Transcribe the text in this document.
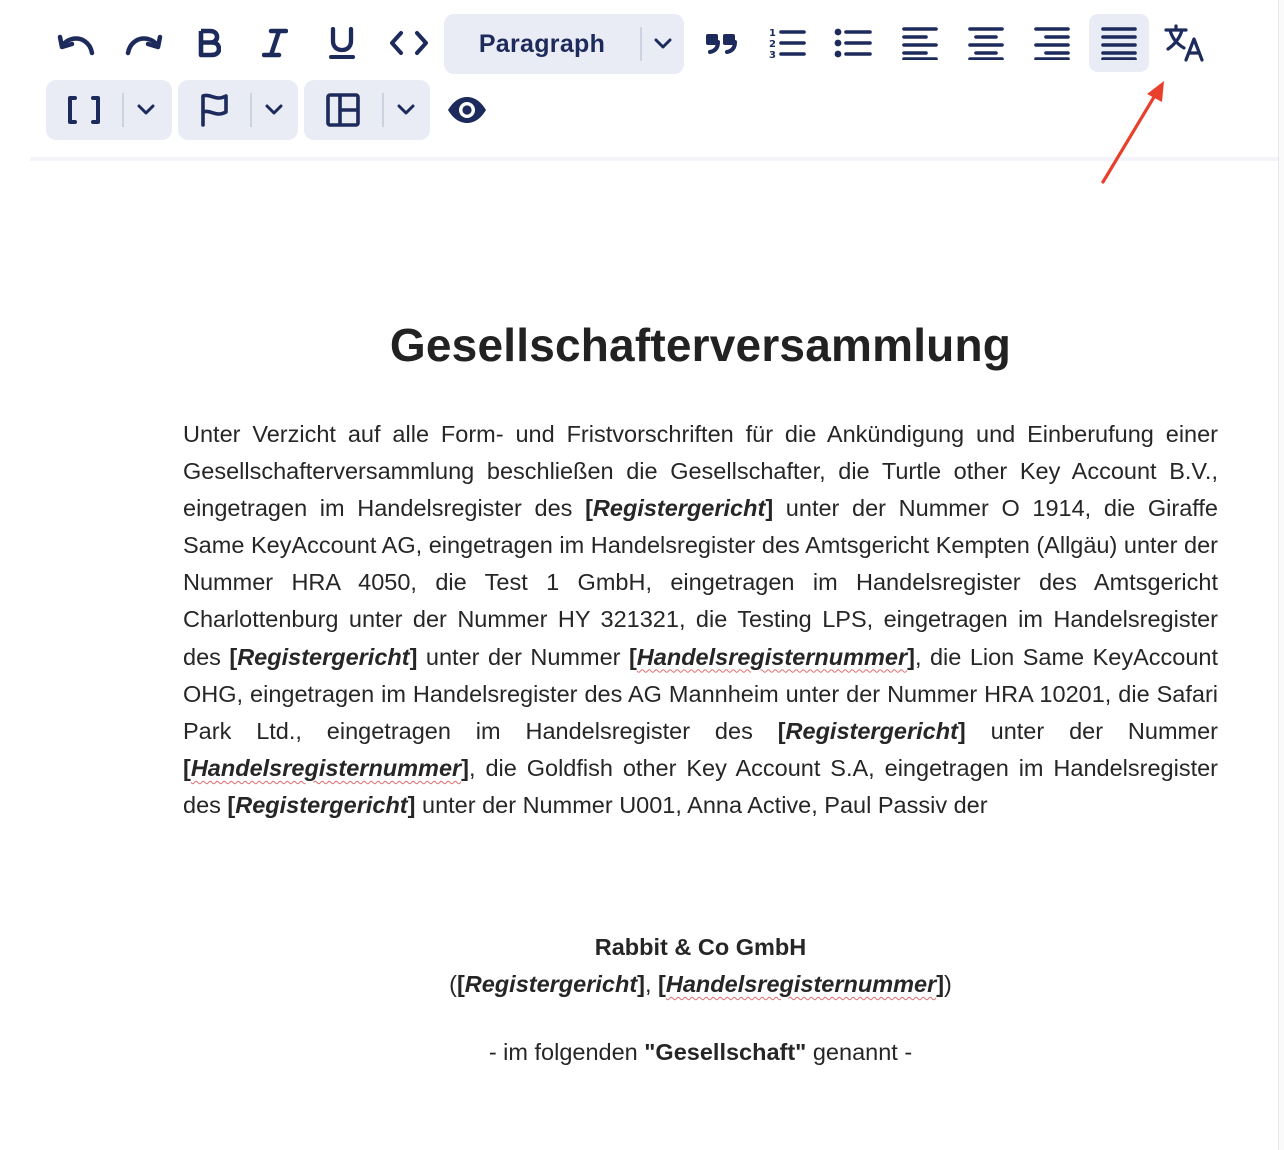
Paragraph	1
2
3
Gesellschafterversammlung
Unter Verzicht auf alle Form- und Fristvorschriften für die Ankündigung und Einberufung einer Gesellschafterversammlung beschließen die Gesellschafter, die Turtle other Key Account B.V., eingetragen im Handelsregister des [Registergericht] unter der Nummer O 1914, die Giraffe Same KeyAccount AG, eingetragen im Handelsregister des Amtsgericht Kempten (Allgäu) unter der Nummer HRA 4050, die Test 1 GmbH, eingetragen im Handelsregister des Amtsgericht Charlottenburg unter der Nummer HY 321321, die Testing LPS, eingetragen im Handelsregister des [Registergericht] unter der Nummer [Handelsregisternummer], die Lion Same KeyAccount OHG, eingetragen im Handelsregister des AG Mannheim unter der Nummer HRA 10201, die Safari Park Ltd., eingetragen im Handelsregister des [Registergericht] unter der Nummer [Handelsregisternummer], die Goldfish other Key Account S.A, eingetragen im Handelsregister des [Registergericht] unter der Nummer U001, Anna Active, Paul Passiv der
Rabbit & Co GmbH
([Registergericht], [Handelsregisternummer])
- im folgenden "Gesellschaft" genannt -
